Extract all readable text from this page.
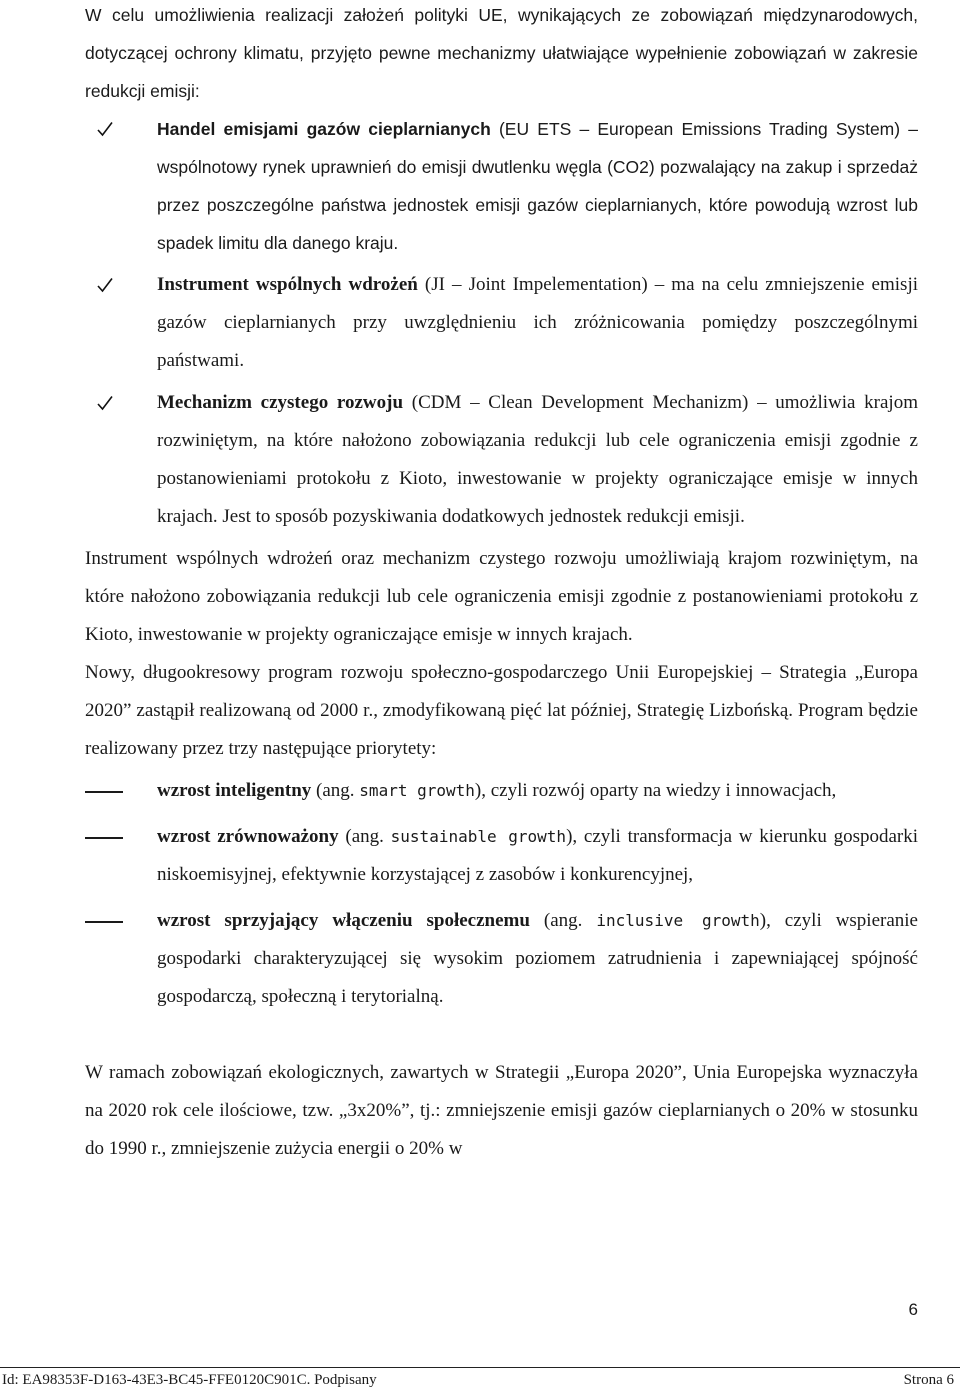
W celu umożliwienia realizacji założeń polityki UE, wynikających ze zobowiązań międzynarodowych, dotyczącej ochrony klimatu, przyjęto pewne mechanizmy ułatwiające wypełnienie zobowiązań w zakresie redukcji emisji:

Handel emisjami gazów cieplarnianych (EU ETS – European Emissions Trading System) – wspólnotowy rynek uprawnień do emisji dwutlenku węgla (CO2) pozwalający na zakup i sprzedaż przez poszczególne państwa jednostek emisji gazów cieplarnianych, które powodują wzrost lub spadek limitu dla danego kraju.
Instrument wspólnych wdrożeń (JI – Joint Impelementation) – ma na celu zmniejszenie emisji gazów cieplarnianych przy uwzględnieniu ich zróżnicowania pomiędzy poszczególnymi państwami.
Mechanizm czystego rozwoju (CDM – Clean Development Mechanizm) – umożliwia krajom rozwiniętym, na które nałożono zobowiązania redukcji lub cele ograniczenia emisji zgodnie z postanowieniami protokołu z Kioto, inwestowanie w projekty ograniczające emisje w innych krajach. Jest to sposób pozyskiwania dodatkowych jednostek redukcji emisji.

Instrument wspólnych wdrożeń oraz mechanizm czystego rozwoju umożliwiają krajom rozwiniętym, na które nałożono zobowiązania redukcji lub cele ograniczenia emisji zgodnie z postanowieniami protokołu z Kioto, inwestowanie w projekty ograniczające emisje w innych krajach.

Nowy, długookresowy program rozwoju społeczno-gospodarczego Unii Europejskiej – Strategia „Europa 2020” zastąpił realizowaną od 2000 r., zmodyfikowaną pięć lat później, Strategię Lizbońską. Program będzie realizowany przez trzy następujące priorytety:

wzrost inteligentny (ang. smart growth), czyli rozwój oparty na wiedzy i innowacjach,
wzrost zrównoważony (ang. sustainable growth), czyli transformacja w kierunku gospodarki niskoemisyjnej, efektywnie korzystającej z zasobów i konkurencyjnej,
wzrost sprzyjający włączeniu społecznemu (ang. inclusive growth), czyli wspieranie gospodarki charakteryzującej się wysokim poziomem zatrudnienia i zapewniającej spójność gospodarczą, społeczną i terytorialną.

W ramach zobowiązań ekologicznych, zawartych w Strategii „Europa 2020”, Unia Europejska wyznaczyła na 2020 rok cele ilościowe, tzw. „3x20%”, tj.: zmniejszenie emisji gazów cieplarnianych o 20% w stosunku do 1990 r., zmniejszenie zużycia energii o 20% w

6
Id: EA98353F-D163-43E3-BC45-FFE0120C901C. Podpisany	Strona 6
